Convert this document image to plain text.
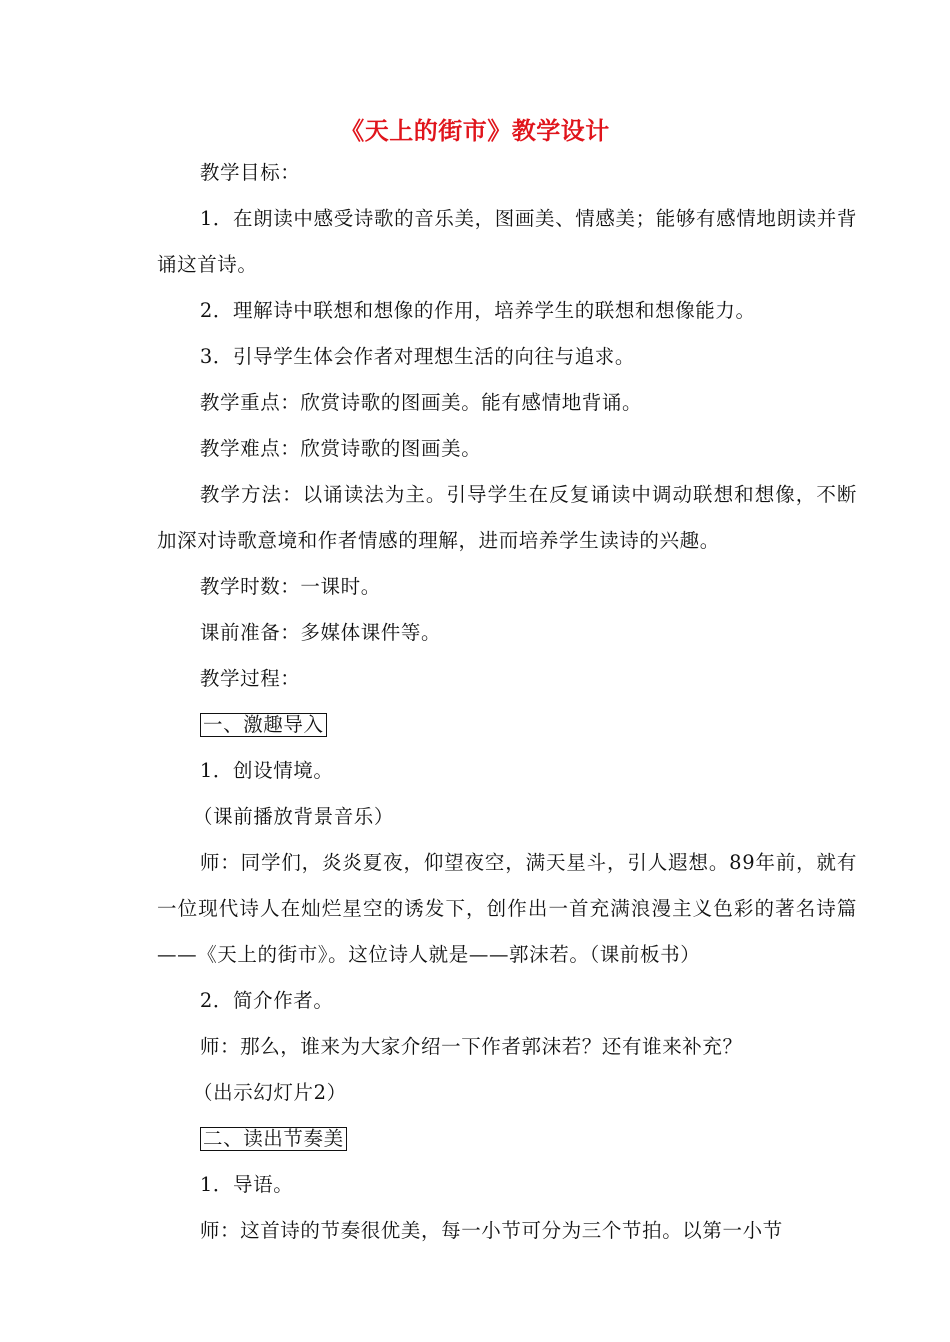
《天上的街市》教学设计

教学目标：

1．在朗读中感受诗歌的音乐美，图画美、情感美；能够有感情地朗读并背诵这首诗。

2．理解诗中联想和想像的作用，培养学生的联想和想像能力。

3．引导学生体会作者对理想生活的向往与追求。

教学重点：欣赏诗歌的图画美。能有感情地背诵。

教学难点：欣赏诗歌的图画美。

教学方法：以诵读法为主。引导学生在反复诵读中调动联想和想像，不断加深对诗歌意境和作者情感的理解，进而培养学生读诗的兴趣。

教学时数：一课时。

课前准备：多媒体课件等。

教学过程：

一、激趣导入

1．创设情境。

（课前播放背景音乐）

师：同学们，炎炎夏夜，仰望夜空，满天星斗，引人遐想。89年前，就有一位现代诗人在灿烂星空的诱发下，创作出一首充满浪漫主义色彩的著名诗篇——《天上的街市》。这位诗人就是——郭沫若。（课前板书）

2．简介作者。

师：那么，谁来为大家介绍一下作者郭沫若？还有谁来补充？

（出示幻灯片2）

二、读出节奏美

1．导语。

师：这首诗的节奏很优美，每一小节可分为三个节拍。以第一小节
